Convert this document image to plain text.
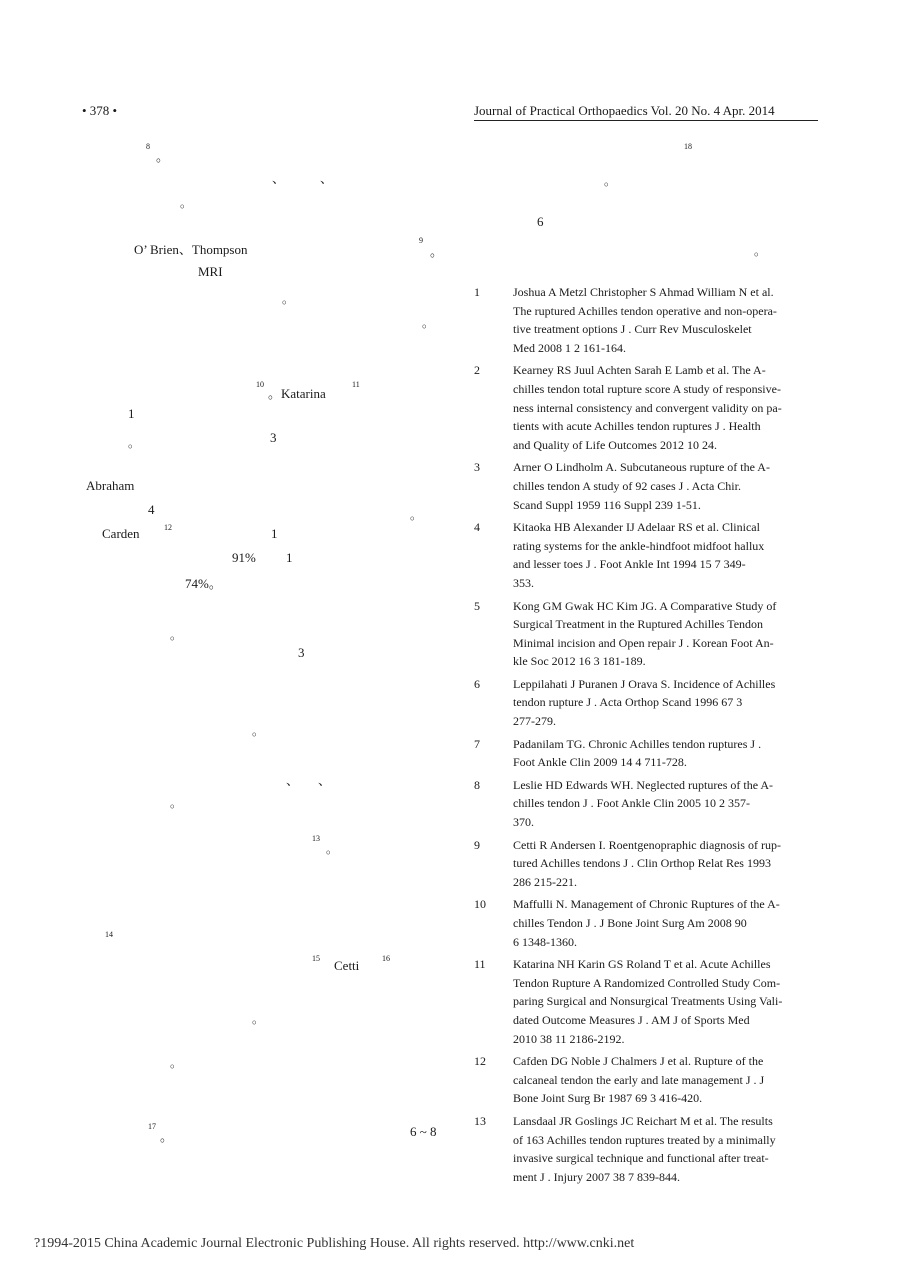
• 378 •	Journal of Practical Orthopaedics Vol. 20 No. 4 Apr. 2014
8
。
、	、
。
O’ Brien、Thompson
9
。
MRI
。
。
10
。Katarina
11
1
。	3
Abraham
4	。
Carden	12	1
91% 1
74%。
。
3
。
、 、
。
13
。
14
15 Cetti	16
。
。
17
。	6 ~ 8
18
。
6
。
1	Joshua A Metzl Christopher S Ahmad William N et al.
The ruptured Achilles tendon operative and non-opera-
tive treatment options J . Curr Rev Musculoskelet
Med 2008 1 2 161-164.
2	Kearney RS Juul Achten Sarah E Lamb et al. The A-
chilles tendon total rupture score A study of responsive-
ness internal consistency and convergent validity on pa-
tients with acute Achilles tendon ruptures J . Health
and Quality of Life Outcomes 2012 10 24.
3	Arner O Lindholm A. Subcutaneous rupture of the A-
chilles tendon A study of 92 cases J . Acta Chir.
Scand Suppl 1959 116 Suppl 239 1-51.
4	Kitaoka HB Alexander IJ Adelaar RS et al. Clinical
rating systems for the ankle-hindfoot midfoot hallux
and lesser toes J . Foot Ankle Int 1994 15 7 349-
353.
5	Kong GM Gwak HC Kim JG. A Comparative Study of
Surgical Treatment in the Ruptured Achilles Tendon
Minimal incision and Open repair J . Korean Foot An-
kle Soc 2012 16 3 181-189.
6	Leppilahati J Puranen J Orava S. Incidence of Achilles
tendon rupture J . Acta Orthop Scand 1996 67 3
277-279.
7	Padanilam TG. Chronic Achilles tendon ruptures J .
Foot Ankle Clin 2009 14 4 711-728.
8	Leslie HD Edwards WH. Neglected ruptures of the A-
chilles tendon J . Foot Ankle Clin 2005 10 2 357-
370.
9	Cetti R Andersen I. Roentgenopraphic diagnosis of rup-
tured Achilles tendons J . Clin Orthop Relat Res 1993
286 215-221.
10	Maffulli N. Management of Chronic Ruptures of the A-
chilles Tendon J . J Bone Joint Surg Am 2008 90
6 1348-1360.
11	Katarina NH Karin GS Roland T et al. Acute Achilles
Tendon Rupture A Randomized Controlled Study Com-
paring Surgical and Nonsurgical Treatments Using Vali-
dated Outcome Measures J . AM J of Sports Med
2010 38 11 2186-2192.
12	Cafden DG Noble J Chalmers J et al. Rupture of the
calcaneal tendon the early and late management J . J
Bone Joint Surg Br 1987 69 3 416-420.
13	Lansdaal JR Goslings JC Reichart M et al. The results
of 163 Achilles tendon ruptures treated by a minimally
invasive surgical technique and functional after treat-
ment J . Injury 2007 38 7 839-844.
?1994-2015 China Academic Journal Electronic Publishing House. All rights reserved. http://www.cnki.net
